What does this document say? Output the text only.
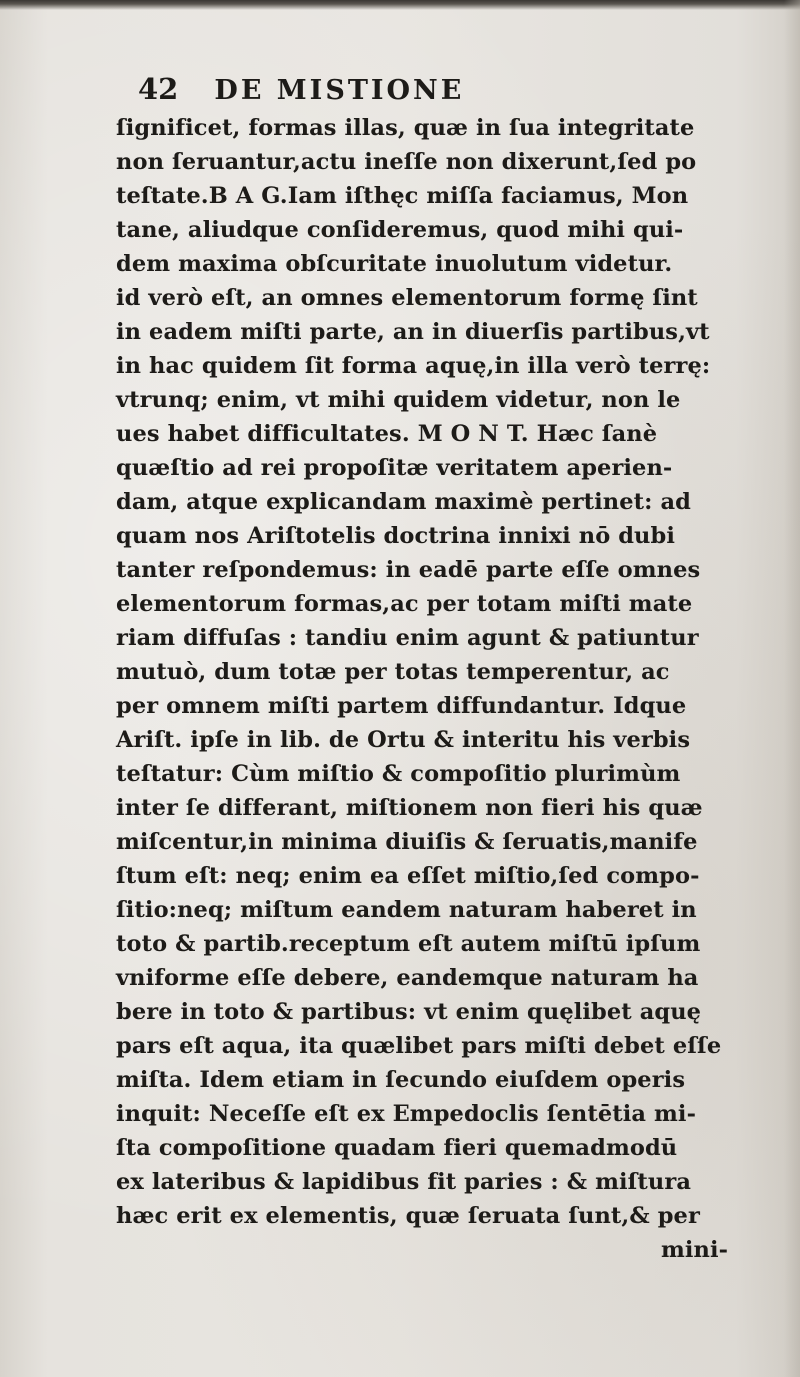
42 DE MISTIONE
ſignificet, formas illas, quæ in ſua integritate
non ſeruantur,actu ineſſe non dixerunt,ſed po
teſtate.B A G.Iam iſthęc miſſa faciamus, Mon
tane, aliudque conſideremus, quod mihi qui-
dem maxima obſcuritate inuolutum videtur.
id verò eſt, an omnes elementorum formę ſint
in eadem miſti parte, an in diuerſis partibus,vt
in hac quidem ſit forma aquę,in illa verò terrę:
vtrunq; enim, vt mihi quidem videtur, non le
ues habet difficultates. M O N T. Hæc ſanè
quæſtio ad rei propoſitæ veritatem aperien-
dam, atque explicandam maximè pertinet: ad
quam nos Ariſtotelis doctrina innixi nō dubi
tanter reſpondemus: in eadē parte eſſe omnes
elementorum formas,ac per totam miſti mate
riam diffuſas : tandiu enim agunt & patiuntur
mutuò, dum totæ per totas temperentur, ac
per omnem miſti partem diffundantur. Idque
Ariſt. ipſe in lib. de Ortu & interitu his verbis
teſtatur: Cùm miſtio & compoſitio plurimùm
inter ſe differant, miſtionem non fieri his quæ
miſcentur,in minima diuiſis & ſeruatis,manife
ſtum eſt: neq; enim ea eſſet miſtio,ſed compo-
ſitio:neq; miſtum eandem naturam haberet in
toto & partib.receptum eſt autem miſtū ipſum
vniforme eſſe debere, eandemque naturam ha
bere in toto & partibus: vt enim quęlibet aquę
pars eſt aqua, ita quælibet pars miſti debet eſſe
miſta. Idem etiam in ſecundo eiuſdem operis
inquit: Neceſſe eſt ex Empedoclis ſentētia mi-
ſta compoſitione quadam fieri quemadmodū
ex lateribus & lapidibus fit paries : & miſtura
hæc erit ex elementis, quæ ſeruata ſunt,& per
mini-
